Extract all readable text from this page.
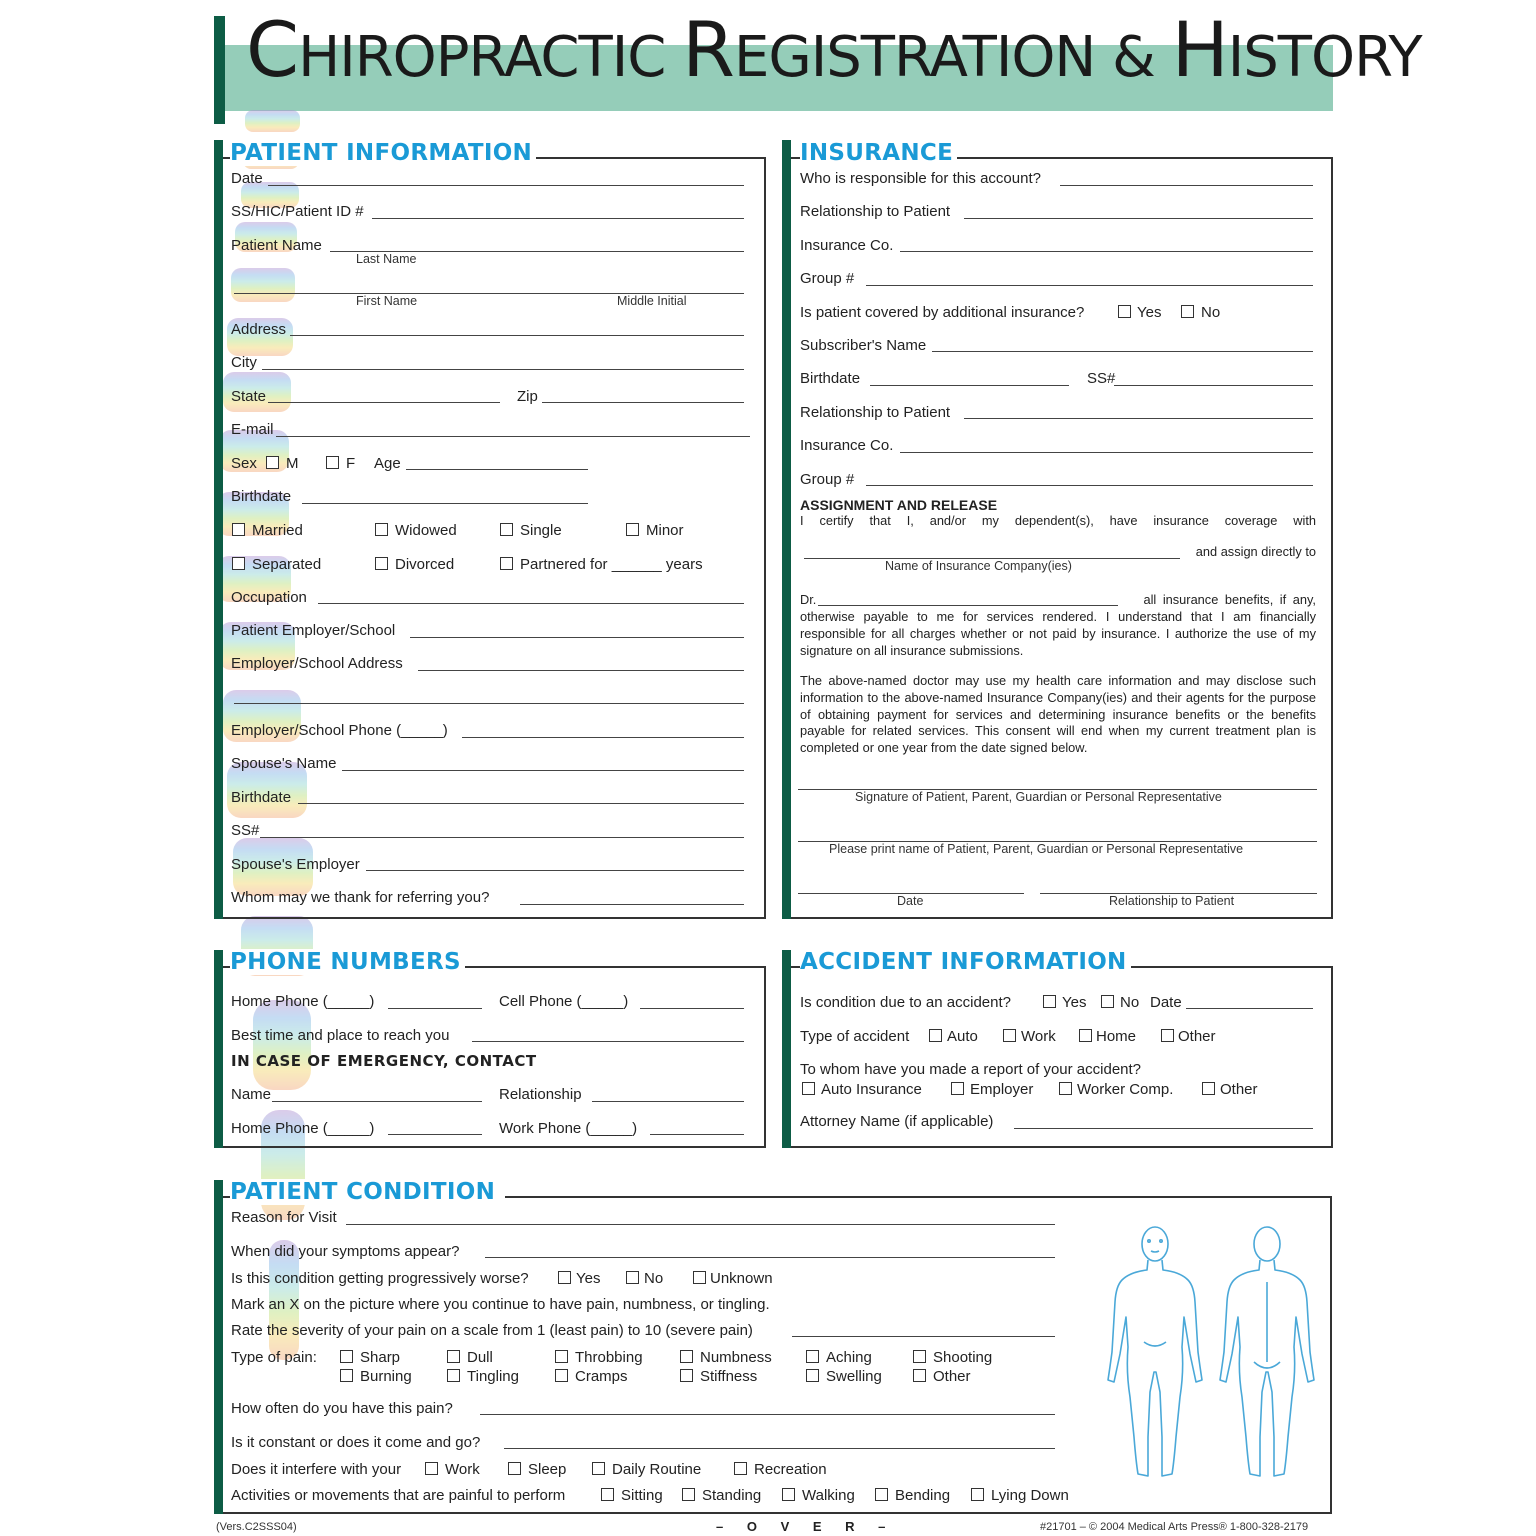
CHIROPRACTIC REGISTRATION & HISTORY
PATIENT INFORMATION
Date
SS/HIC/Patient ID #
Patient Name
Last Name
First Name	Middle Initial
Address
City
State	Zip
E-mail
Sex M	F Age
Birthdate
Married	Widowed	Single	Minor
Separated	Divorced	Partnered for ______ years
Occupation
Patient Employer/School
Employer/School Address
Employer/School Phone (_____)
Spouse's Name
Birthdate
SS#
Spouse's Employer
Whom may we thank for referring you?
INSURANCE
Who is responsible for this account?
Relationship to Patient
Insurance Co.
Group #
Is patient covered by additional insurance?	Yes	No
Subscriber's Name
Birthdate	SS#
Relationship to Patient
Insurance Co.
Group #
ASSIGNMENT AND RELEASE
I certify that I, and/or my dependent(s), have insurance coverage with
and assign directly to
Name of Insurance Company(ies)
Dr.	all insurance benefits, if any,
otherwise payable to me for services rendered. I understand that I am financially responsible for all charges whether or not paid by insurance. I authorize the use of my signature on all insurance submissions.
The above-named doctor may use my health care information and may disclose such information to the above-named Insurance Company(ies) and their agents for the purpose of obtaining payment for services and determining insurance benefits or the benefits payable for related services. This consent will end when my current treatment plan is completed or one year from the date signed below.
Signature of Patient, Parent, Guardian or Personal Representative
Please print name of Patient, Parent, Guardian or Personal Representative
Date	Relationship to Patient
PHONE NUMBERS
Home Phone (_____)	Cell Phone (_____)
Best time and place to reach you
IN CASE OF EMERGENCY, CONTACT
Name	Relationship
Home Phone (_____)	Work Phone (_____)
ACCIDENT INFORMATION
Is condition due to an accident?	Yes No Date
Type of accident	Auto	Work	Home	Other
To whom have you made a report of your accident?
Auto Insurance	Employer	Worker Comp.	Other
Attorney Name (if applicable)
PATIENT CONDITION
Reason for Visit
When did your symptoms appear?
Is this condition getting progressively worse?	Yes	No	Unknown
Mark an X on the picture where you continue to have pain, numbness, or tingling.
Rate the severity of your pain on a scale from 1 (least pain) to 10 (severe pain)
Type of pain:	Sharp	Dull	Throbbing	Numbness	Aching	Shooting
Burning	Tingling	Cramps	Stiffness	Swelling	Other
How often do you have this pain?
Is it constant or does it come and go?
Does it interfere with your	Work	Sleep	Daily Routine	Recreation
Activities or movements that are painful to perform	Sitting	Standing	Walking	Bending	Lying Down
(Vers.C2SSS04)	– O V E R –	#21701 – © 2004 Medical Arts Press® 1-800-328-2179
